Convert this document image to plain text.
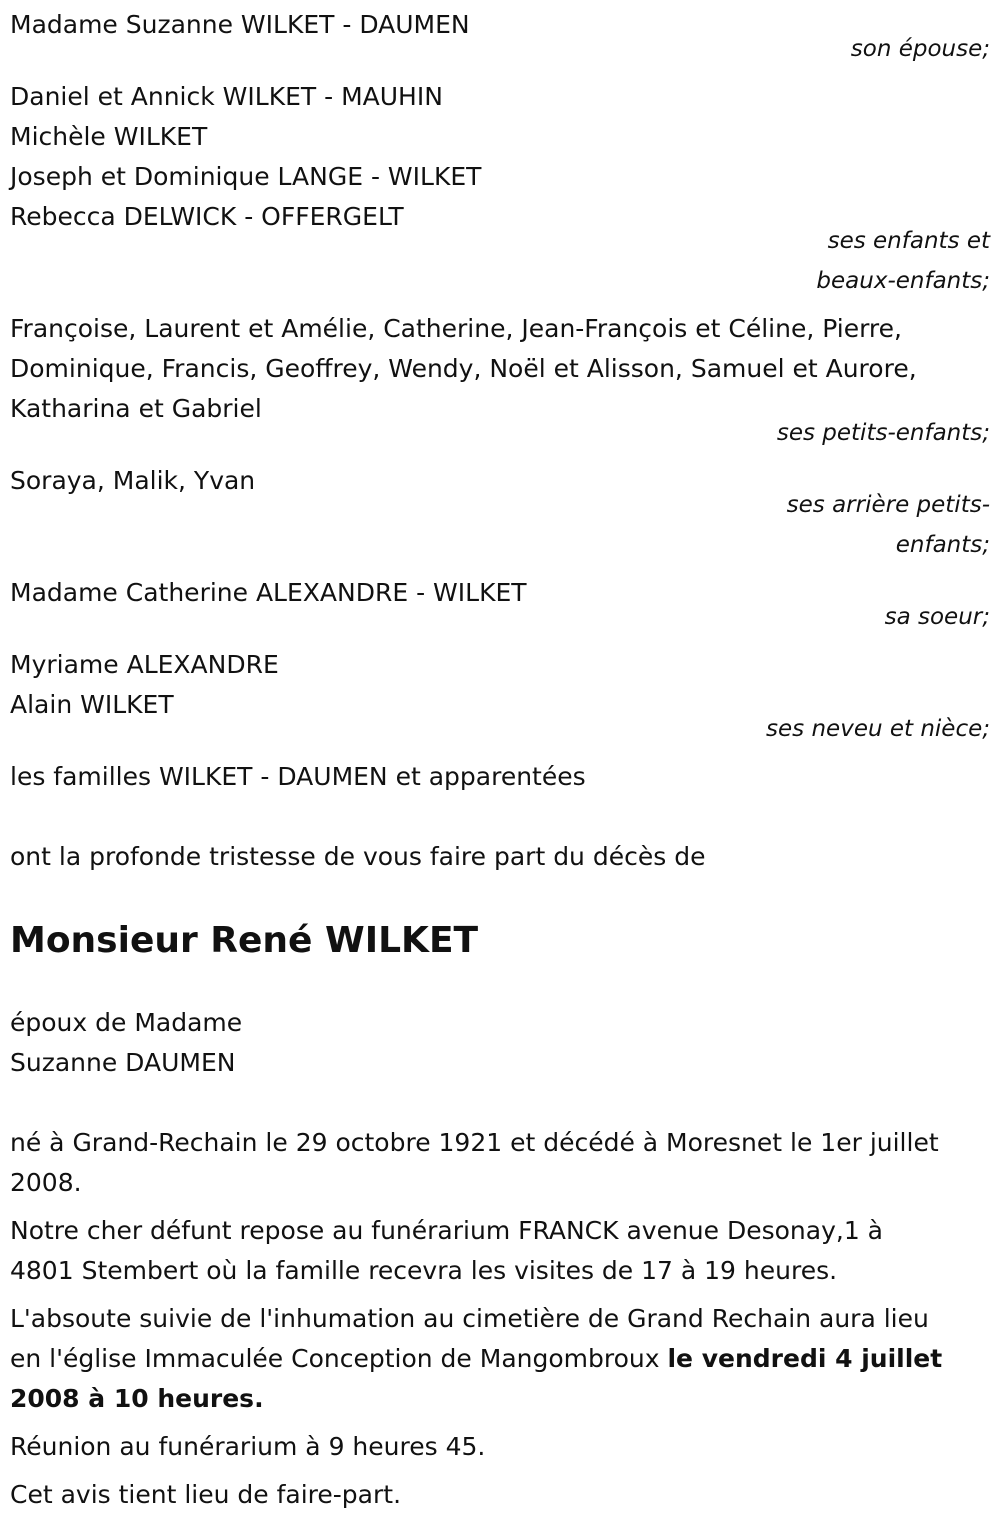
Madame Suzanne WILKET - DAUMEN
son épouse;
Daniel et Annick WILKET - MAUHIN
Michèle WILKET
Joseph et Dominique LANGE - WILKET
Rebecca DELWICK - OFFERGELT
ses enfants et
beaux-enfants;
Françoise, Laurent et Amélie, Catherine, Jean-François et Céline, Pierre,
Dominique, Francis, Geoffrey, Wendy, Noël et Alisson, Samuel et Aurore,
Katharina et Gabriel
ses petits-enfants;
Soraya, Malik, Yvan
ses arrière petits-
enfants;
Madame Catherine ALEXANDRE - WILKET
sa soeur;
Myriame ALEXANDRE
Alain WILKET
ses neveu et nièce;
les familles WILKET - DAUMEN et apparentées
ont la profonde tristesse de vous faire part du décès de
Monsieur René WILKET
époux de Madame
Suzanne DAUMEN
né à Grand-Rechain le 29 octobre 1921 et décédé à Moresnet le 1er juillet
2008.
Notre cher défunt repose au funérarium FRANCK avenue Desonay,1 à
4801 Stembert où la famille recevra les visites de 17 à 19 heures.
L'absoute suivie de l'inhumation au cimetière de Grand Rechain aura lieu
en l'église Immaculée Conception de Mangombroux le vendredi 4 juillet
2008 à 10 heures.
Réunion au funérarium à 9 heures 45.
Cet avis tient lieu de faire-part.
